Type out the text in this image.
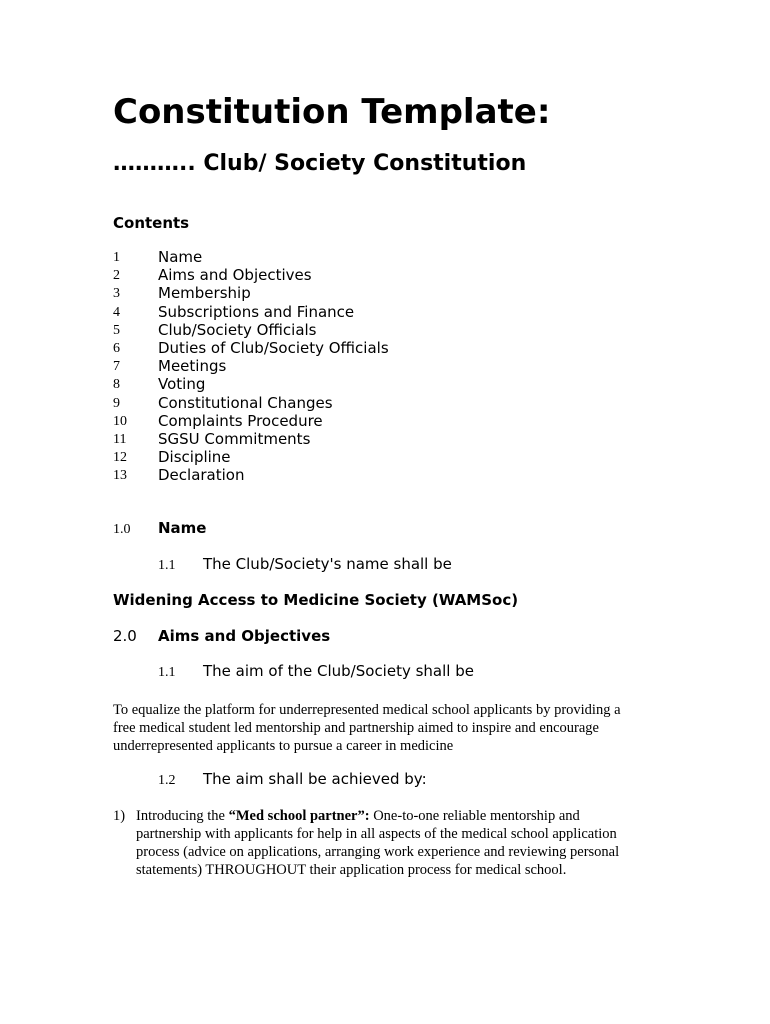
Constitution Template:
……….. Club/ Society Constitution
Contents
1	Name
2	Aims and Objectives
3	Membership
4	Subscriptions and Finance
5	Club/Society Officials
6	Duties of Club/Society Officials
7	Meetings
8	Voting
9	Constitutional Changes
10 Complaints Procedure
11 SGSU Commitments
12 Discipline
13 Declaration
1.0 Name
1.1 The Club/Society's name shall be
Widening Access to Medicine Society (WAMSoc)
2.0 Aims and Objectives
1.1 The aim of the Club/Society shall be
To equalize the platform for underrepresented medical school applicants by providing a
free medical student led mentorship and partnership aimed to inspire and encourage
underrepresented applicants to pursue a career in medicine
1.2 The aim shall be achieved by:
1) Introducing the “Med school partner”: One-to-one reliable mentorship and
partnership with applicants for help in all aspects of the medical school application
process (advice on applications, arranging work experience and reviewing personal
statements) THROUGHOUT their application process for medical school.
